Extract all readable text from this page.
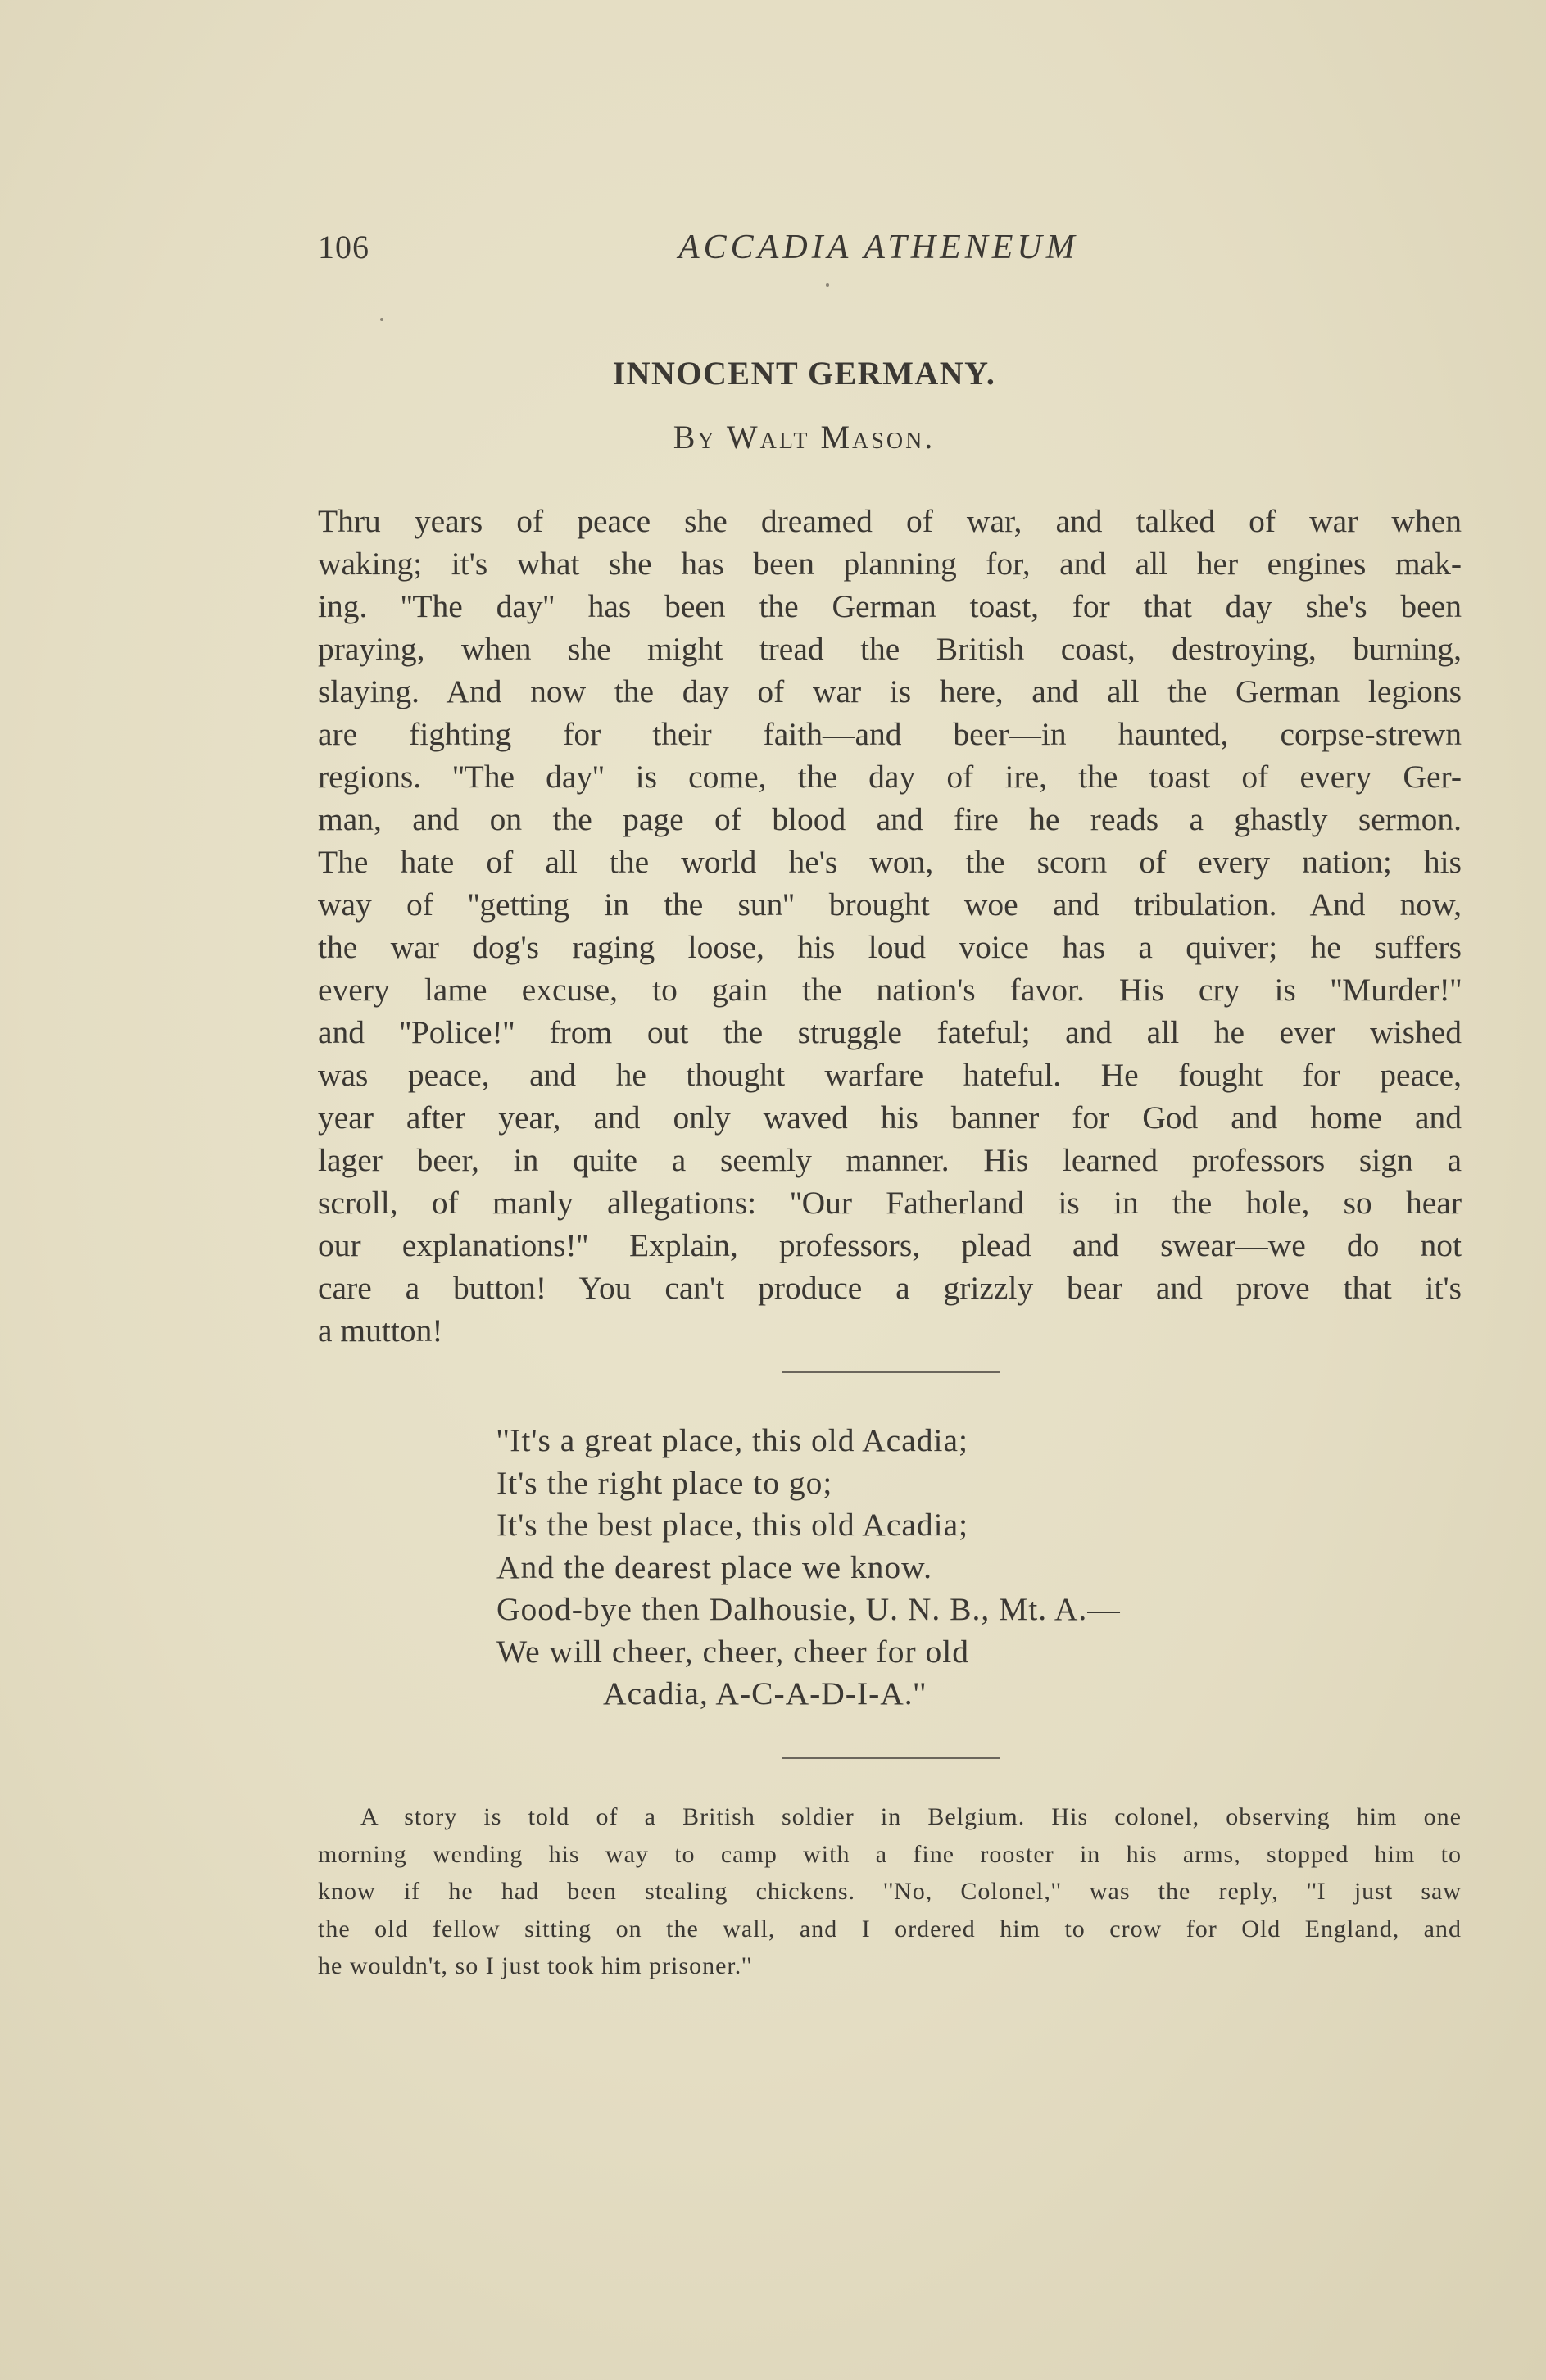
106	ACCADIA ATHENEUM
INNOCENT GERMANY.
By Walt Mason.

Thru years of peace she dreamed of war, and talked of war when
waking; it's what she has been planning for, and all her engines mak-
ing. ''The day'' has been the German toast, for that day she's been
praying, when she might tread the British coast, destroying, burning,
slaying. And now the day of war is here, and all the German legions
are fighting for their faith—and beer—in haunted, corpse-strewn
regions. ''The day'' is come, the day of ire, the toast of every Ger-
man, and on the page of blood and fire he reads a ghastly sermon.
The hate of all the world he's won, the scorn of every nation; his
way of ''getting in the sun'' brought woe and tribulation. And now,
the war dog's raging loose, his loud voice has a quiver; he suffers
every lame excuse, to gain the nation's favor. His cry is ''Murder!''
and ''Police!'' from out the struggle fateful; and all he ever wished
was peace, and he thought warfare hateful. He fought for peace,
year after year, and only waved his banner for God and home and
lager beer, in quite a seemly manner. His learned professors sign a
scroll, of manly allegations: ''Our Fatherland is in the hole, so hear
our explanations!'' Explain, professors, plead and swear—we do not
care a button! You can't produce a grizzly bear and prove that it's
a mutton!

''It's a great place, this old Acadia;
It's the right place to go;
It's the best place, this old Acadia;
And the dearest place we know.
Good-bye then Dalhousie, U. N. B., Mt. A.—
We will cheer, cheer, cheer for old
Acadia, A-C-A-D-I-A.''

A story is told of a British soldier in Belgium. His colonel, observing him one
morning wending his way to camp with a fine rooster in his arms, stopped him to
know if he had been stealing chickens. ''No, Colonel,'' was the reply, ''I just saw
the old fellow sitting on the wall, and I ordered him to crow for Old England, and
he wouldn't, so I just took him prisoner.''
